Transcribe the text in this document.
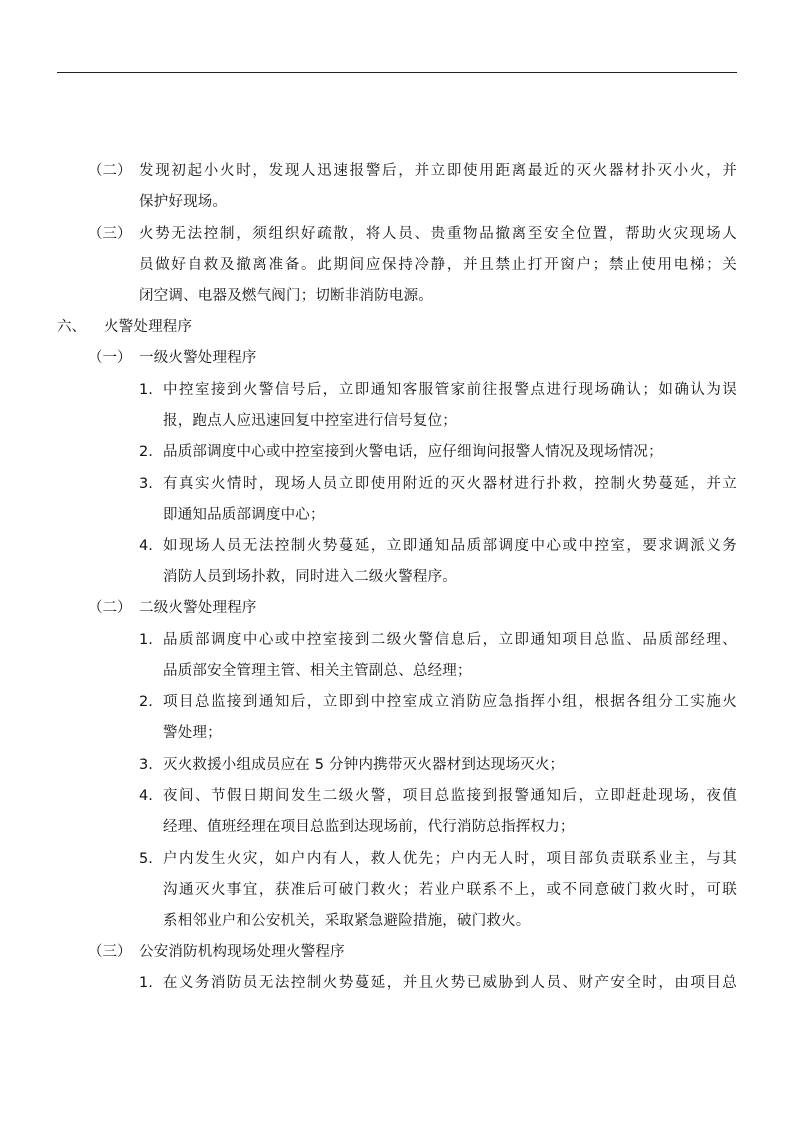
（二） 发现初起小火时，发现人迅速报警后，并立即使用距离最近的灭火器材扑灭小火，并
保护好现场。
（三） 火势无法控制，须组织好疏散，将人员、贵重物品撤离至安全位置，帮助火灾现场人
员做好自救及撤离准备。此期间应保持冷静，并且禁止打开窗户；禁止使用电梯；关
闭空调、电器及燃气阀门；切断非消防电源。
六、 火警处理程序
（一） 一级火警处理程序
1. 中控室接到火警信号后，立即通知客服管家前往报警点进行现场确认；如确认为误
报，跑点人应迅速回复中控室进行信号复位；
2. 品质部调度中心或中控室接到火警电话，应仔细询问报警人情况及现场情况；
3. 有真实火情时，现场人员立即使用附近的灭火器材进行扑救，控制火势蔓延，并立
即通知品质部调度中心；
4. 如现场人员无法控制火势蔓延，立即通知品质部调度中心或中控室，要求调派义务
消防人员到场扑救，同时进入二级火警程序。
（二） 二级火警处理程序
1. 品质部调度中心或中控室接到二级火警信息后，立即通知项目总监、品质部经理、
品质部安全管理主管、相关主管副总、总经理；
2. 项目总监接到通知后，立即到中控室成立消防应急指挥小组，根据各组分工实施火
警处理；
3. 灭火救援小组成员应在 5 分钟内携带灭火器材到达现场灭火；
4. 夜间、节假日期间发生二级火警，项目总监接到报警通知后，立即赶赴现场，夜值
经理、值班经理在项目总监到达现场前，代行消防总指挥权力；
5. 户内发生火灾，如户内有人，救人优先；户内无人时，项目部负责联系业主，与其
沟通灭火事宜，获准后可破门救火；若业户联系不上，或不同意破门救火时，可联
系相邻业户和公安机关，采取紧急避险措施，破门救火。
（三） 公安消防机构现场处理火警程序
1. 在义务消防员无法控制火势蔓延，并且火势已威胁到人员、财产安全时，由项目总
